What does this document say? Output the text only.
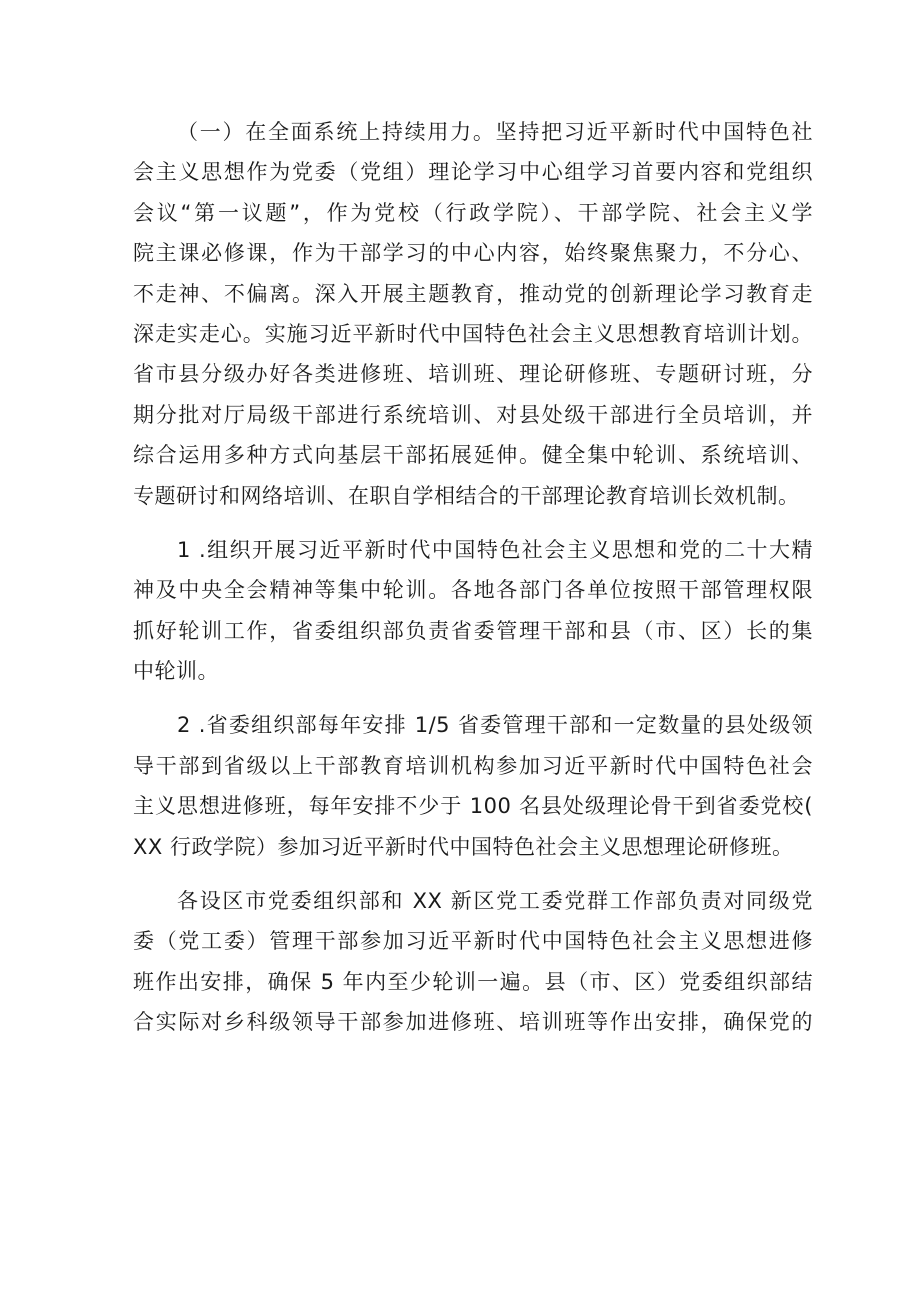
（一）在全面系统上持续用力。坚持把习近平新时代中国特色社
会主义思想作为党委（党组）理论学习中心组学习首要内容和党组织
会议“第一议题”，作为党校（行政学院）、干部学院、社会主义学
院主课必修课，作为干部学习的中心内容，始终聚焦聚力，不分心、
不走神、不偏离。深入开展主题教育，推动党的创新理论学习教育走
深走实走心。实施习近平新时代中国特色社会主义思想教育培训计划。
省市县分级办好各类进修班、培训班、理论研修班、专题研讨班，分
期分批对厅局级干部进行系统培训、对县处级干部进行全员培训，并
综合运用多种方式向基层干部拓展延伸。健全集中轮训、系统培训、
专题研讨和网络培训、在职自学相结合的干部理论教育培训长效机制。
1 .组织开展习近平新时代中国特色社会主义思想和党的二十大精
神及中央全会精神等集中轮训。各地各部门各单位按照干部管理权限
抓好轮训工作，省委组织部负责省委管理干部和县（市、区）长的集
中轮训。
2 .省委组织部每年安排 1/5 省委管理干部和一定数量的县处级领
导干部到省级以上干部教育培训机构参加习近平新时代中国特色社会
主义思想进修班，每年安排不少于 100 名县处级理论骨干到省委党校(
XX 行政学院）参加习近平新时代中国特色社会主义思想理论研修班。
各设区市党委组织部和 XX 新区党工委党群工作部负责对同级党
委（党工委）管理干部参加习近平新时代中国特色社会主义思想进修
班作出安排，确保 5 年内至少轮训一遍。县（市、区）党委组织部结
合实际对乡科级领导干部参加进修班、培训班等作出安排，确保党的
